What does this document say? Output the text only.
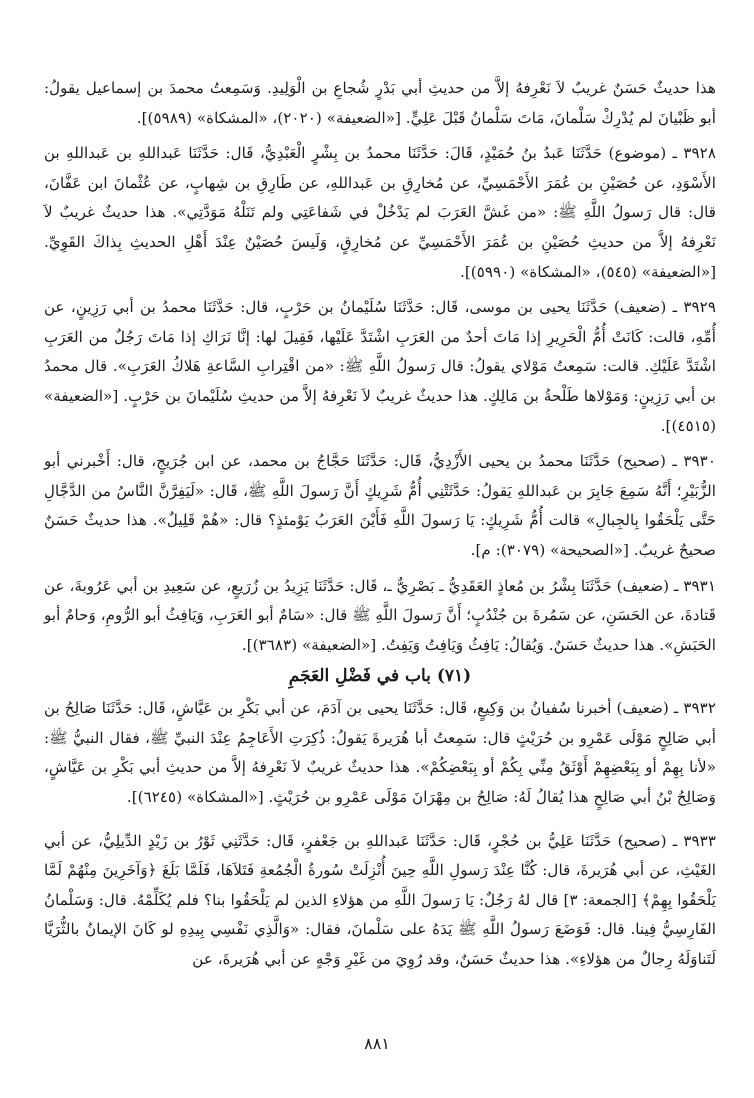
هذا حديثٌ حَسَنٌ غريبٌ لاَ نَعْرِفهُ إلاَّ من حديثِ أبي بَدْرٍ شُجاعِ بن الْوَلِيدِ. وَسَمِعتُ محمدَ بن إسماعيل يقولُ: أبو ظَبْيانَ لم يُدْرِكْ سَلْمانَ، مَاتَ سَلْمانُ قَبْلَ عَلِيٍّ. [«الضعيفة» (٢٠٢٠)، «المشكاة» (٥٩٨٩)].

٣٩٢٨ ـ (موضوع) حَدَّثَنَا عَبدُ بنُ حُمَيْدٍ، قَالَ: حَدَّثَنَا محمدُ بن بِشْرٍ الْعَبْدِيُّ، قَال: حَدَّثَنَا عَبداللهِ بن عَبداللهِ بن الأَسْوَدِ، عن حُصَيْنِ بن عُمَرَ الأَحْمَسِيِّ، عن مُخارِقِ بن عَبداللهِ، عن طَارِقِ بن شِهابٍ، عن عُثْمانَ ابن عَفَّانَ، قال: قال رَسولُ اللَّهِ ﷺ: «من غَشَّ العَرَبَ لم يَدْخُلْ في شَفاعَتِي ولم تَنَلْهُ مَوَدَّتِي». هذا حديثٌ غريبٌ لاَ نَعْرِفهُ إلاَّ من حديثِ حُصَيْنِ بن عُمَرَ الأَحْمَسِيِّ عن مُخارِقٍ، وَلَيسَ حُصَيْنٌ عِنْدَ أَهْلِ الحديثِ بِذاكَ القَوِيِّ. [«الضعيفة» (٥٤٥)، «المشكاة» (٥٩٩٠)].

٣٩٢٩ ـ (ضعيف) حَدَّثَنَا يحيى بن موسى، قَال: حَدَّثَنَا سُلَيْمانُ بن حَرْبٍ، قال: حَدَّثَنَا محمدُ بن أبي رَزِينٍ، عن أُمِّهِ، قالت: كَانَتْ أُمُّ الْحَرِيرِ إذا مَاتَ أحدٌ من العَرَبِ اشْتَدَّ عَلَيْها، فَقِيلَ لها: إنَّا نَرَاكِ إذا مَاتَ رَجُلٌ من العَرَبِ اشْتَدَّ عَلَيْكِ. قالت: سَمِعتُ مَوْلاي يقولُ: قال رَسولُ اللَّهِ ﷺ: «من اقْتِرابِ السَّاعةِ هَلاكُ العَرَبِ». قال محمدُ بن أبي رَزِينٍ: وَمَوْلاها طَلْحةُ بن مَالِكٍ. هذا حديثٌ غريبٌ لاَ نَعْرِفهُ إلاَّ من حديثِ سُلَيْمانَ بن حَرْبٍ. [«الضعيفة» (٤٥١٥)].

٣٩٣٠ ـ (صحيح) حَدَّثَنَا محمدُ بن يحيى الأَزْدِيُّ، قَال: حَدَّثَنَا حَجَّاجُ بن محمد، عن ابن جُرَيجٍ، قال: أَخْبرني أبو الزُّبَيْرِ؛ أَنَّهُ سَمِعَ جَابِرَ بن عَبداللهِ يَقولُ: حَدَّثَتْنِي أُمُّ شَرِيكٍ أَنَّ رَسولَ اللَّهِ ﷺ، قَال: «لَيَفِرَّنَّ النَّاسُ من الدَّجَّالِ حَتَّى يَلْحَقُوا بِالجِبالِ» قالت أُمُّ شَرِيكٍ: يَا رَسولَ اللَّهِ فَأَيْنَ العَرَبُ يَوْمئذٍ؟ قال: «هُمْ قَلِيلٌ». هذا حديثٌ حَسَنٌ صحيحٌ غريبٌ. [«الصحيحة» (٣٠٧٩): م].

٣٩٣١ ـ (ضعيف) حَدَّثَنَا بِشْرُ بن مُعاذٍ العَقَدِيُّ ـ بَصْرِيٌّ ـ، قَال: حَدَّثَنَا يَزِيدُ بن زُرَيعٍ، عن سَعِيدِ بن أبي عَرُوبةَ، عن قَتادةَ، عن الحَسَنِ، عن سَمُرةَ بن جُنْدُبٍ؛ أَنَّ رَسولَ اللَّهِ ﷺ قال: «سَامٌ أبو العَرَبِ، وَيَافِثُ أبو الرُّومِ، وَحامٌ أبو الحَبَشِ». هذا حديثٌ حَسَنٌ. وَيُقالُ: يَافِثُ وَيَافِتُ وَيَفِتُ. [«الضعيفة» (٣٦٨٣)].

(٧١) باب في فَضْلِ العَجَمِ

٣٩٣٢ ـ (ضعيف) أخبرنا سُفيانُ بن وَكِيعٍ، قَال: حَدَّثَنَا يحيى بن آدَمَ، عن أبي بَكْرِ بن عَيَّاشٍ، قَال: حَدَّثَنَا صَالِحُ بن أبي صَالِحٍ مَوْلَى عَمْرِو بن حُرَيْثٍ قال: سَمِعتُ أبا هُرَيرةَ يَقولُ: ذُكِرَتِ الأَعَاجِمُ عِنْدَ النبيِّ ﷺ، فقال النبيُّ ﷺ: «لأنا بِهِمْ أو بِبَعْضِهِمْ أَوْثَقُ مِنِّي بِكُمْ أو بِبَعْضِكُمْ». هذا حديثٌ غريبٌ لاَ نَعْرِفهُ إلاَّ من حديثِ أبي بَكْرِ بن عَيَّاشٍ، وَصَالِحُ بْنُ أبي صَالِحٍ هذا يُقالُ لَهُ: صَالِحُ بن مِهْرَانَ مَوْلَى عَمْرِو بن حُرَيْثٍ. [«المشكاة» (٦٢٤٥)].

٣٩٣٣ ـ (صحيح) حَدَّثَنَا عَلِيُّ بن حُجْرٍ، قَال: حَدَّثَنَا عَبداللهِ بن جَعْفرٍ، قَال: حَدَّثَنِي ثَوْرُ بن زَيْدٍ الدِّيلِيُّ، عن أبي الغَيْثِ، عن أبي هُرَيرةَ، قال: كُنَّا عِنْدَ رَسولِ اللَّهِ حِينَ أُنْزِلَتْ سُورةُ الْجُمُعةِ فَتَلاَهَا، فَلَمَّا بَلَغَ ﴿وَآخَرِينَ مِنْهُمْ لَمَّا يَلْحَقُوا بِهِمْ﴾ [الجمعة: ٣] قال لهُ رَجُلٌ: يَا رَسولَ اللَّهِ من هؤلاءِ الذين لم يَلْحَقُوا بنا؟ فلم يُكَلِّمْهُ. قال: وَسَلْمانُ الفَارِسِيُّ فِينا. قال: فَوَضَعَ رَسولُ اللَّهِ ﷺ يَدَهُ على سَلْمانَ، فقال: «وَالَّذِي نَفْسِي بِيدِهِ لو كَانَ الإيمانُ بالثُّرَيَّا لَتَناوَلَهُ رِجالٌ من هؤلاءِ». هذا حديثٌ حَسَنٌ، وقد رُوِيَ من غَيْرِ وَجْهٍ عن أبي هُرَيرةَ، عن

٨٨١
